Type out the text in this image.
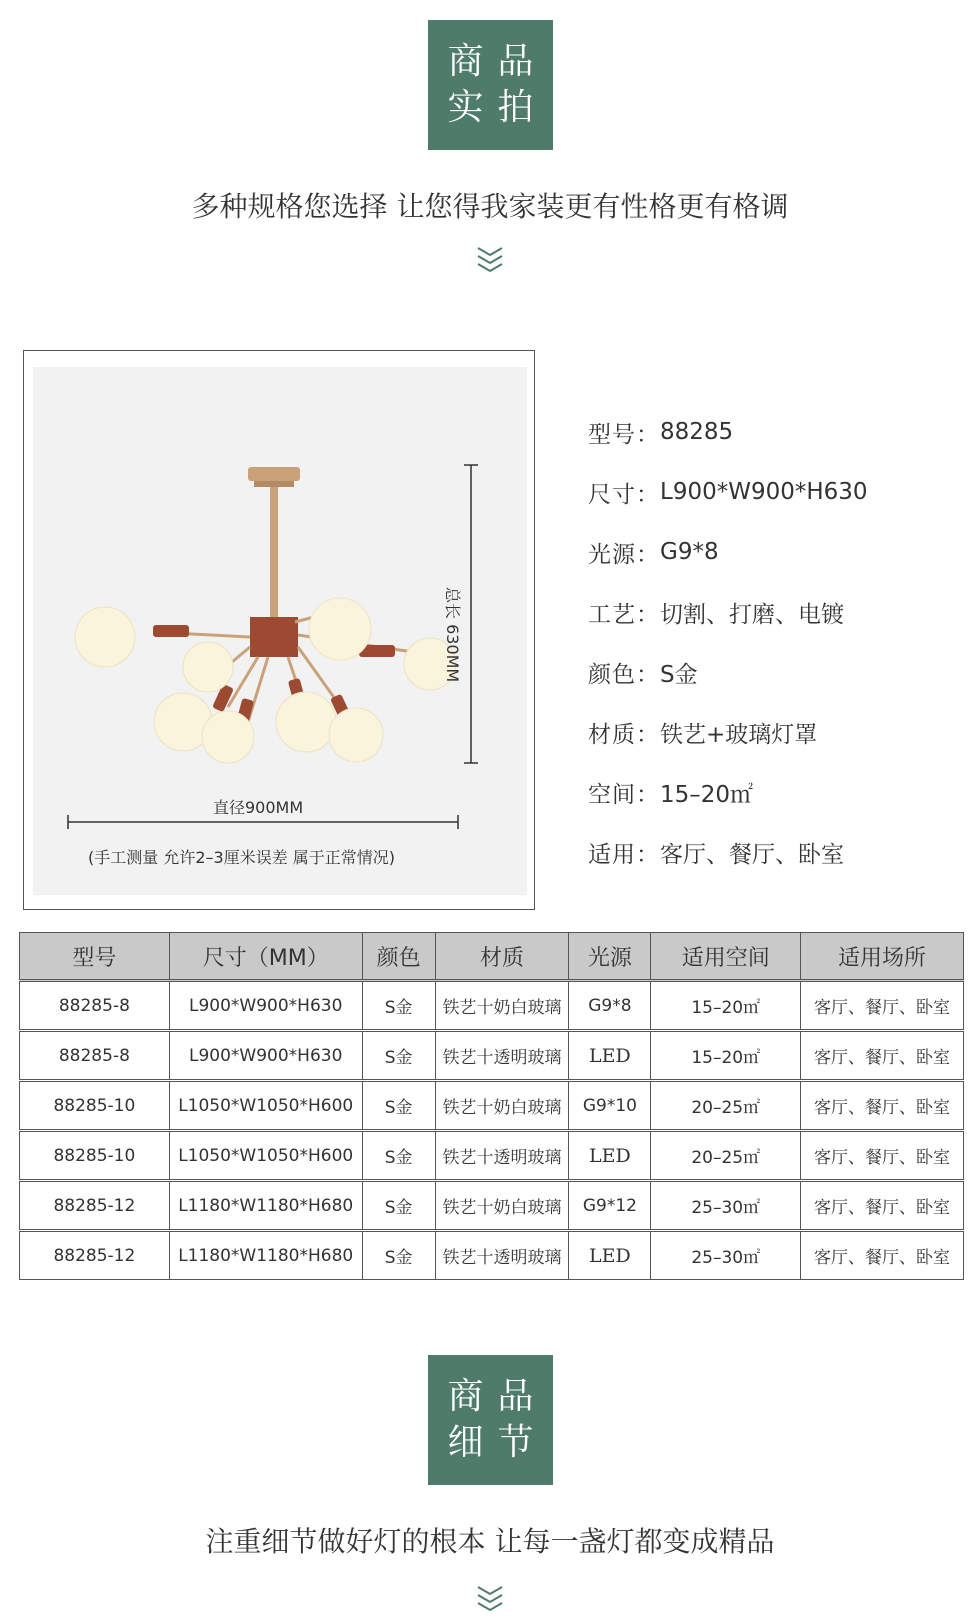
商品
实拍
多种规格您选择 让您得我家装更有性格更有格调
总长 630MM
直径900MM
(手工测量 允许2–3厘米误差 属于正常情况)
型号： 88285
尺寸： L900*W900*H630
光源： G9*8
工艺： 切割、打磨、电镀
颜色： S金
材质： 铁艺+玻璃灯罩
空间： 15–20㎡
适用： 客厅、餐厅、卧室
型号	尺寸（MM）	颜色	材质	光源	适用空间	适用场所
88285-8	L900*W900*H630	S金	铁艺十奶白玻璃	G9*8	15–20㎡	客厅、餐厅、卧室
88285-8	L900*W900*H630	S金	铁艺十透明玻璃	LED	15–20㎡	客厅、餐厅、卧室
88285-10	L1050*W1050*H600	S金	铁艺十奶白玻璃	G9*10	20–25㎡	客厅、餐厅、卧室
88285-10	L1050*W1050*H600	S金	铁艺十透明玻璃	LED	20–25㎡	客厅、餐厅、卧室
88285-12	L1180*W1180*H680	S金	铁艺十奶白玻璃	G9*12	25–30㎡	客厅、餐厅、卧室
88285-12	L1180*W1180*H680	S金	铁艺十透明玻璃	LED	25–30㎡	客厅、餐厅、卧室
商品
细节
注重细节做好灯的根本 让每一盏灯都变成精品
